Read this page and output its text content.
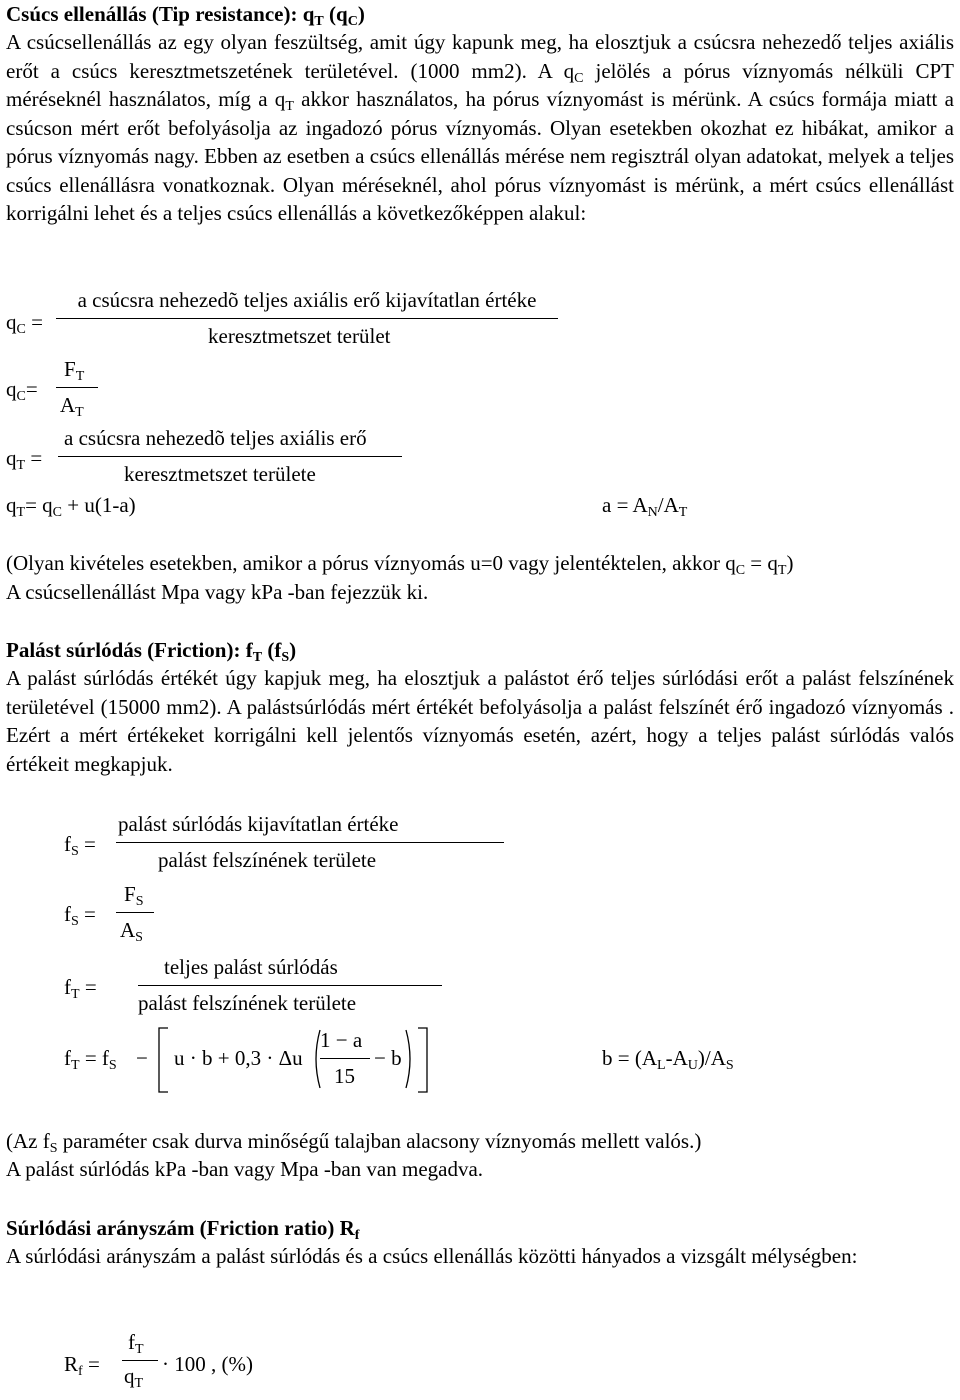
Csúcs ellenállás (Tip resistance): $q_T$ $(q_C)$

A csúcsellenállás az egy olyan feszültség, amit úgy kapunk meg, ha elosztjuk a csúcsra nehezedő teljes axiális erőt a csúcs keresztmetszetének területével. (1000 mm2). A $q_C$ jelölés a pórus víznyomás nélküli CPT méréseknél használatos, míg a $q_T$ akkor használatos, ha pórus víznyomást is mérünk. A csúcs formája miatt a csúcson mért erőt befolyásolja az ingadozó pórus víznyomás. Olyan esetekben okozhat ez hibákat, amikor a pórus víznyomás nagy. Ebben az esetben a csúcs ellenállás mérése nem regisztrál olyan adatokat, melyek a teljes csúcs ellenállásra vonatkoznak. Olyan méréseknél, ahol pórus víznyomást is mérünk, a mért csúcs ellenállást korrigálni lehet és a teljes csúcs ellenállás a következőképpen alakul:

$q_C$ =
a csúcsra nehezedõ teljes axiális erő kijavítatlan értéke
keresztmetszet terület
$q_C=$
$F_T$
$A_T$
$q_T$ =
a csúcsra nehezedõ teljes axiális erő
keresztmetszet területe
$q_T= q_C + u(1-a)$	$a = A_N/A_T$

(Olyan kivételes esetekben, amikor a pórus víznyomás u=0 vagy jelentéktelen, akkor $q_C = q_T$)

A csúcsellenállást Mpa vagy kPa -ban fejezzük ki.

Palást súrlódás (Friction): $f_T$ $(f_S)$

A palást súrlódás értékét úgy kapjuk meg, ha elosztjuk a palástot érő teljes súrlódási erőt a palást felszínének területével (15000 mm2). A palástsúrlódás mért értékét befolyásolja a palást felszínét érő ingadozó víznyomás . Ezért a mért értékeket korrigálni kell jelentős víznyomás esetén, azért, hogy a teljes palást súrlódás valós értékeit megkapjuk.

$f_S$ =
palást súrlódás kijavítatlan értéke
palást felszínének területe
$f_S$ =
$F_S$
$A_S$
$f_T$ =
teljes palást súrlódás
palást felszínének területe
$f_T = f_S - u \cdot b + 0,3 \cdot \Delta u$
1 − a
15
− b	$b = (A_L-A_U)/A_S$

(Az $f_S$ paraméter csak durva minőségű talajban alacsony víznyomás mellett valós.)

A palást súrlódás kPa -ban vagy Mpa -ban van megadva.

Súrlódási arányszám (Friction ratio) $R_f$

A súrlódási arányszám a palást súrlódás és a csúcs ellenállás közötti hányados a vizsgált mélységben:

$R_f$ =
$f_T$
$q_T$
· 100 , (%)
